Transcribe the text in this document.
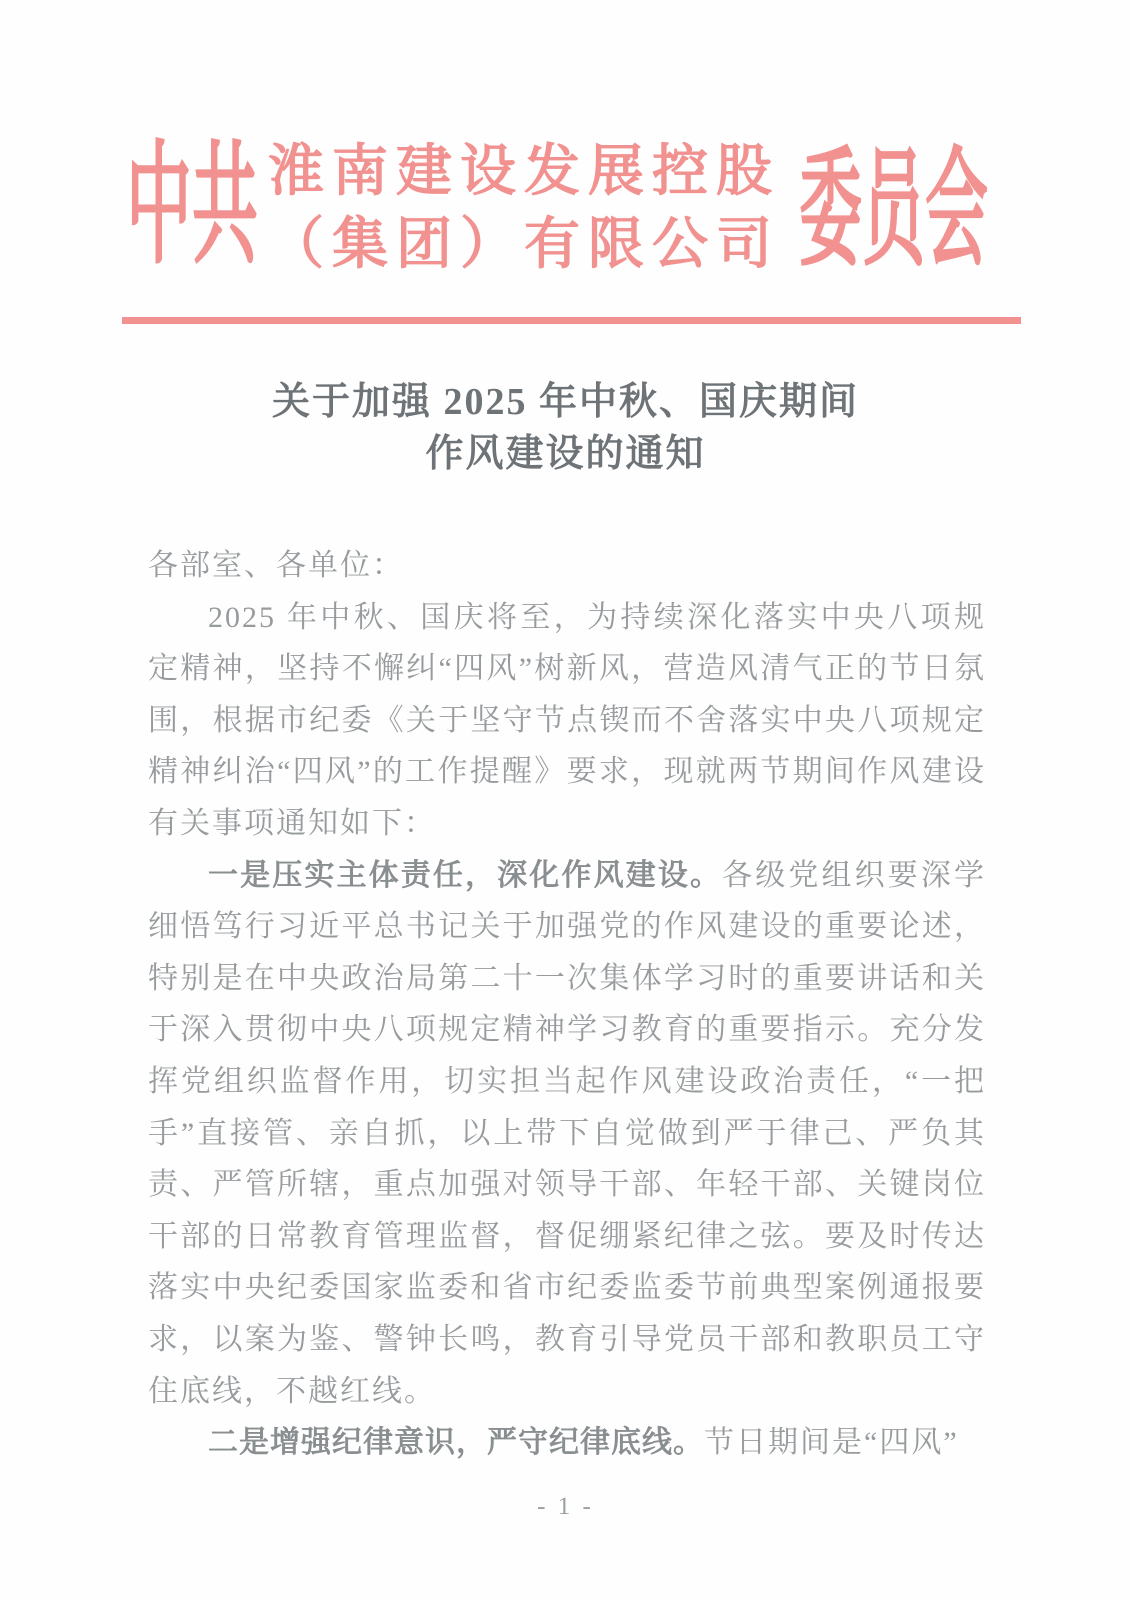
中共 淮南建设发展控股
（集团）有限公司 委员会
关于加强 2025 年中秋、国庆期间
作风建设的通知

各部室、各单位：

2025 年中秋、国庆将至，为持续深化落实中央八项规定精神，坚持不懈纠“四风”树新风，营造风清气正的节日氛围，根据市纪委《关于坚守节点锲而不舍落实中央八项规定精神纠治“四风”的工作提醒》要求，现就两节期间作风建设有关事项通知如下：

一是压实主体责任，深化作风建设。各级党组织要深学细悟笃行习近平总书记关于加强党的作风建设的重要论述，特别是在中央政治局第二十一次集体学习时的重要讲话和关于深入贯彻中央八项规定精神学习教育的重要指示。充分发挥党组织监督作用，切实担当起作风建设政治责任，“一把手”直接管、亲自抓，以上带下自觉做到严于律己、严负其责、严管所辖，重点加强对领导干部、年轻干部、关键岗位干部的日常教育管理监督，督促绷紧纪律之弦。要及时传达落实中央纪委国家监委和省市纪委监委节前典型案例通报要求，以案为鉴、警钟长鸣，教育引导党员干部和教职员工守住底线，不越红线。

二是增强纪律意识，严守纪律底线。节日期间是“四风”

- 1 -
